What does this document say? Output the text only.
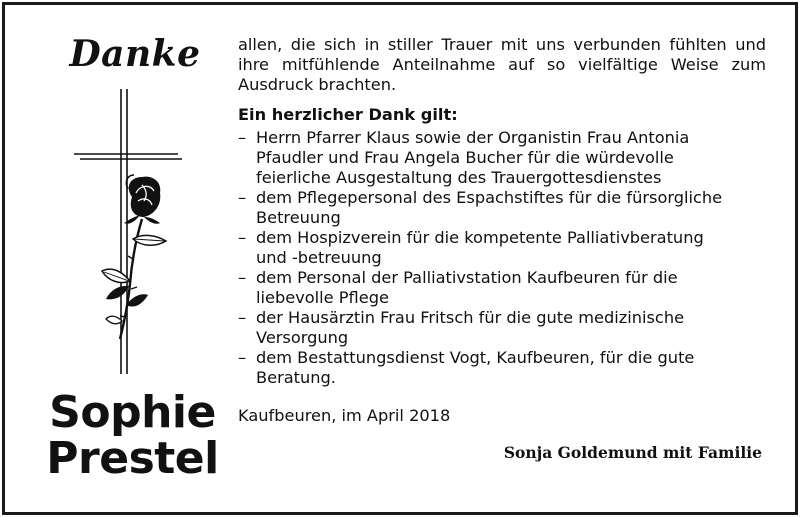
Danke
Sophie
Prestel

allen, die sich in stiller Trauer mit uns verbunden fühlten und ihre mitfühlende Anteilnahme auf so vielfältige Weise zum Ausdruck brachten.

Ein herzlicher Dank gilt:
– Herrn Pfarrer Klaus sowie der Organistin Frau Antonia
Pfaudler und Frau Angela Bucher für die würdevolle
feierliche Ausgestaltung des Trauergottesdienstes
– dem Pflegepersonal des Espachstiftes für die fürsorgliche
Betreuung
– dem Hospizverein für die kompetente Palliativberatung
und -betreuung
– dem Personal der Palliativstation Kaufbeuren für die
liebevolle Pflege
– der Hausärztin Frau Fritsch für die gute medizinische
Versorgung
– dem Bestattungsdienst Vogt, Kaufbeuren, für die gute
Beratung.
Kaufbeuren, im April 2018
Sonja Goldemund mit Familie
